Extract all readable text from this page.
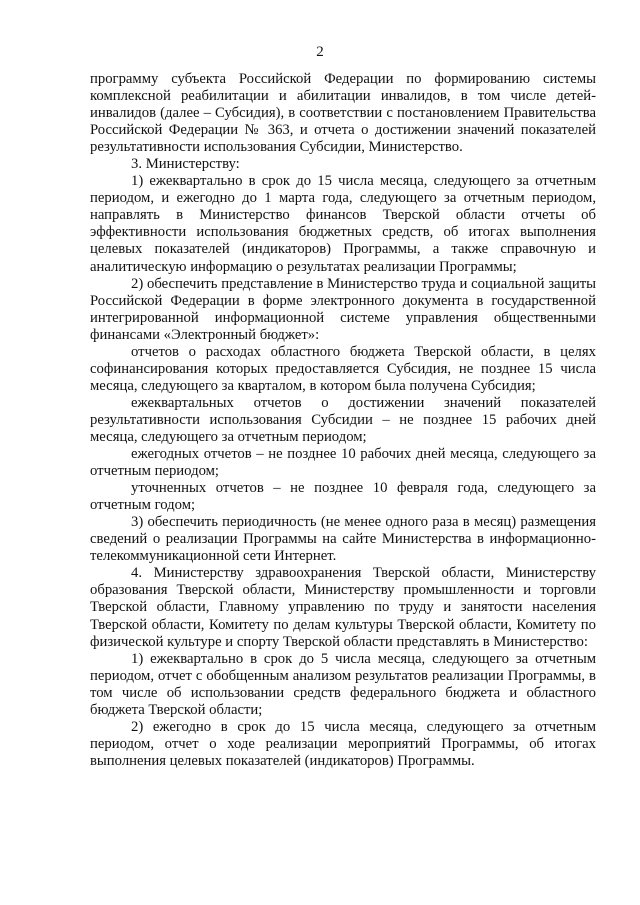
2

программу субъекта Российской Федерации по формированию системы комплексной реабилитации и абилитации инвалидов, в том числе детей-инвалидов (далее – Субсидия), в соответствии с постановлением Правительства Российской Федерации № 363, и отчета о достижении значений показателей результативности использования Субсидии, Министерство.

3. Министерству:

1) ежеквартально в срок до 15 числа месяца, следующего за отчетным периодом, и ежегодно до 1 марта года, следующего за отчетным периодом, направлять в Министерство финансов Тверской области отчеты об эффективности использования бюджетных средств, об итогах выполнения целевых показателей (индикаторов) Программы, а также справочную и аналитическую информацию о результатах реализации Программы;

2) обеспечить представление в Министерство труда и социальной защиты Российской Федерации в форме электронного документа в государственной интегрированной информационной системе управления общественными финансами «Электронный бюджет»:

отчетов о расходах областного бюджета Тверской области, в целях софинансирования которых предоставляется Субсидия, не позднее 15 числа месяца, следующего за кварталом, в котором была получена Субсидия;

ежеквартальных отчетов о достижении значений показателей результативности использования Субсидии – не позднее 15 рабочих дней месяца, следующего за отчетным периодом;

ежегодных отчетов – не позднее 10 рабочих дней месяца, следующего за отчетным периодом;

уточненных отчетов – не позднее 10 февраля года, следующего за отчетным годом;

3) обеспечить периодичность (не менее одного раза в месяц) размещения сведений о реализации Программы на сайте Министерства в информационно-телекоммуникационной сети Интернет.

4. Министерству здравоохранения Тверской области, Министерству образования Тверской области, Министерству промышленности и торговли Тверской области, Главному управлению по труду и занятости населения Тверской области, Комитету по делам культуры Тверской области, Комитету по физической культуре и спорту Тверской области представлять в Министерство:

1) ежеквартально в срок до 5 числа месяца, следующего за отчетным периодом, отчет с обобщенным анализом результатов реализации Программы, в том числе об использовании средств федерального бюджета и областного бюджета Тверской области;

2) ежегодно в срок до 15 числа месяца, следующего за отчетным периодом, отчет о ходе реализации мероприятий Программы, об итогах выполнения целевых показателей (индикаторов) Программы.
